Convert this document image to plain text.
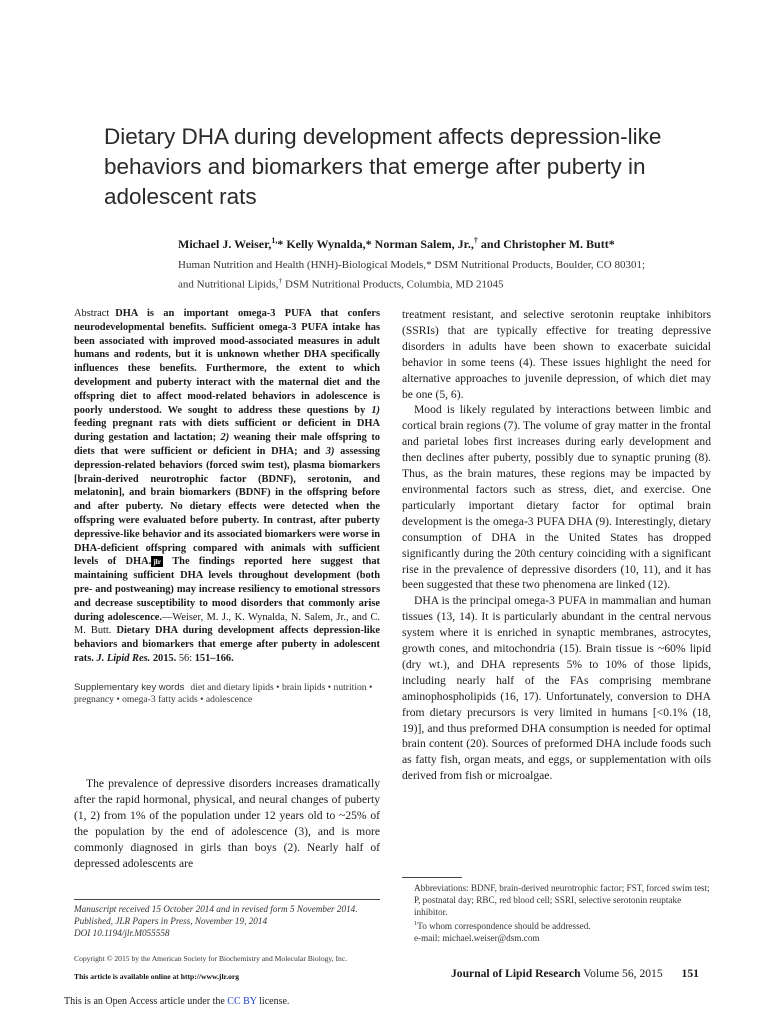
Dietary DHA during development affects depression-like behaviors and biomarkers that emerge after puberty in adolescent rats
Michael J. Weiser,$^{1,}$* Kelly Wynalda,* Norman Salem, Jr.,† and Christopher M. Butt*
Human Nutrition and Health (HNH)-Biological Models,* DSM Nutritional Products, Boulder, CO 80301;
and Nutritional Lipids,† DSM Nutritional Products, Columbia, MD 21045

Abstract DHA is an important omega-3 PUFA that confers neurodevelopmental benefits. Sufficient omega-3 PUFA intake has been associated with improved mood-associated measures in adult humans and rodents, but it is unknown whether DHA specifically influences these benefits. Furthermore, the extent to which development and puberty interact with the maternal diet and the offspring diet to affect mood-related behaviors in adolescence is poorly understood. We sought to address these questions by 1) feeding pregnant rats with diets sufficient or deficient in DHA during gestation and lactation; 2) weaning their male offspring to diets that were sufficient or deficient in DHA; and 3) assessing depression-related behaviors (forced swim test), plasma biomarkers [brain-derived neurotrophic factor (BDNF), serotonin, and melatonin], and brain biomarkers (BDNF) in the offspring before and after puberty. No dietary effects were detected when the offspring were evaluated before puberty. In contrast, after puberty depressive-like behavior and its associated biomarkers were worse in DHA-deficient offspring compared with animals with sufficient levels of DHA. jlr The findings reported here suggest that maintaining sufficient DHA levels throughout development (both pre- and postweaning) may increase resiliency to emotional stressors and decrease susceptibility to mood disorders that commonly arise during adolescence.—Weiser, M. J., K. Wynalda, N. Salem, Jr., and C. M. Butt. Dietary DHA during development affects depression-like behaviors and biomarkers that emerge after puberty in adolescent rats. J. Lipid Res. 2015. 56: 151–166.

Supplementary key words diet and dietary lipids • brain lipids • nutrition • pregnancy • omega-3 fatty acids • adolescence

The prevalence of depressive disorders increases dramatically after the rapid hormonal, physical, and neural changes of puberty (1, 2) from 1% of the population under 12 years old to ~25% of the population by the end of adolescence (3), and is more commonly diagnosed in girls than boys (2). Nearly half of depressed adolescents are

treatment resistant, and selective serotonin reuptake inhibitors (SSRIs) that are typically effective for treating depressive disorders in adults have been shown to exacerbate suicidal behavior in some teens (4). These issues highlight the need for alternative approaches to juvenile depression, of which diet may be one (5, 6).

Mood is likely regulated by interactions between limbic and cortical brain regions (7). The volume of gray matter in the frontal and parietal lobes first increases during early development and then declines after puberty, possibly due to synaptic pruning (8). Thus, as the brain matures, these regions may be impacted by environmental factors such as stress, diet, and exercise. One particularly important dietary factor for optimal brain development is the omega-3 PUFA DHA (9). Interestingly, dietary consumption of DHA in the United States has dropped significantly during the 20th century coinciding with a significant rise in the prevalence of depressive disorders (10, 11), and it has been suggested that these two phenomena are linked (12).

DHA is the principal omega-3 PUFA in mammalian and human tissues (13, 14). It is particularly abundant in the central nervous system where it is enriched in synaptic membranes, astrocytes, growth cones, and mitochondria (15). Brain tissue is ~60% lipid (dry wt.), and DHA represents 5% to 10% of those lipids, including nearly half of the FAs comprising membrane aminophospholipids (16, 17). Unfortunately, conversion to DHA from dietary precursors is very limited in humans [<0.1% (18, 19)], and thus preformed DHA consumption is needed for optimal brain content (20). Sources of preformed DHA include foods such as fatty fish, organ meats, and eggs, or supplementation with oils derived from fish or microalgae.

Manuscript received 15 October 2014 and in revised form 5 November 2014.
Published, JLR Papers in Press, November 19, 2014
DOI 10.1194/jlr.M055558
Copyright © 2015 by the American Society for Biochemistry and Molecular Biology, Inc.
This article is available online at http://www.jlr.org
Abbreviations: BDNF, brain-derived neurotrophic factor; FST, forced swim test; P, postnatal day; RBC, red blood cell; SSRI, selective serotonin reuptake inhibitor.
$^1$To whom correspondence should be addressed.
e-mail: michael.weiser@dsm.com
Journal of Lipid Research Volume 56, 2015 151
This is an Open Access article under the CC BY license.
